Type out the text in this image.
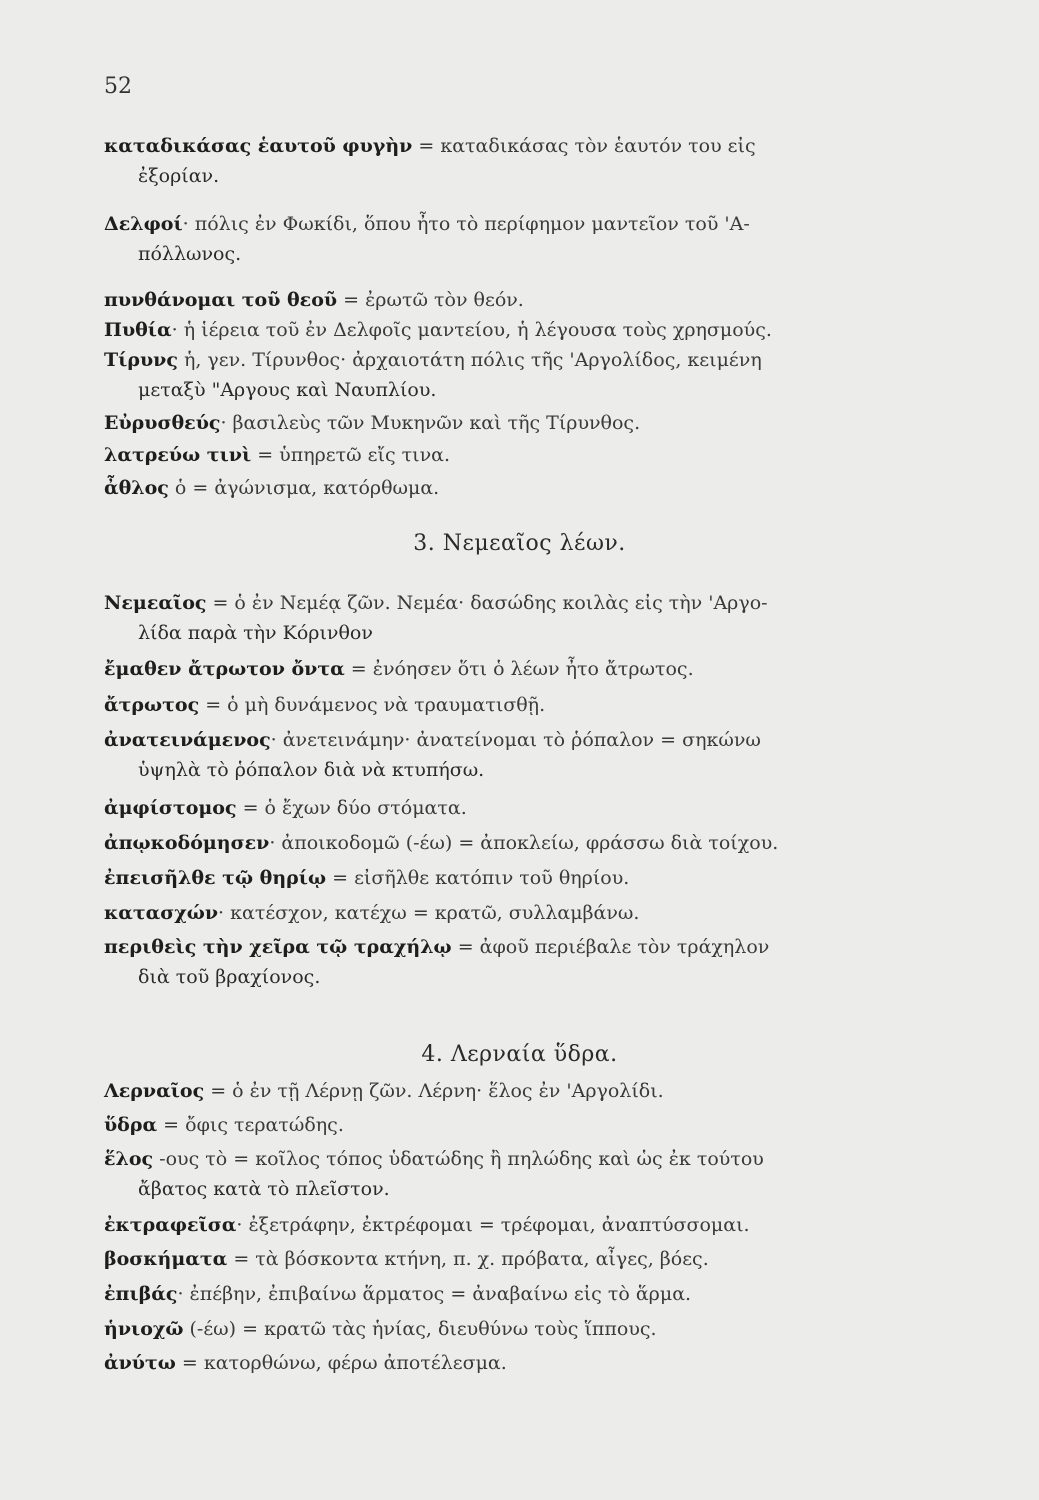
52
καταδικάσας ἑαυτοῦ φυγὴν = καταδικάσας τὸν ἑαυτόν του εἰς
ἐξορίαν.
Δελφοί· πόλις ἐν Φωκίδι, ὅπου ἦτο τὸ περίφημον μαντεῖον τοῦ 'Α-
πόλλωνος.
πυνθάνομαι τοῦ θεοῦ = ἐρωτῶ τὸν θεόν.
Πυθία· ἡ ἱέρεια τοῦ ἐν Δελφοῖς μαντείου, ἡ λέγουσα τοὺς χρησμούς.
Τίρυνς ἡ, γεν. Τίρυνθος· ἀρχαιοτάτη πόλις τῆς 'Αργολίδος, κειμένη
μεταξὺ "Αργους καὶ Ναυπλίου.
Εὐρυσθεύς· βασιλεὺς τῶν Μυκηνῶν καὶ τῆς Τίρυνθος.
λατρεύω τινὶ = ὑπηρετῶ εἴς τινα.
ἆθλος ὁ = ἀγώνισμα, κατόρθωμα.
3. Νεμεαῖος λέων.
Νεμεαῖος = ὁ ἐν Νεμέᾳ ζῶν. Νεμέα· δασώδης κοιλὰς εἰς τὴν 'Αργο-
λίδα παρὰ τὴν Κόρινθον
ἔμαθεν ἄτρωτον ὄντα = ἐνόησεν ὅτι ὁ λέων ἦτο ἄτρωτος.
ἄτρωτος = ὁ μὴ δυνάμενος νὰ τραυματισθῇ.
ἀνατεινάμενος· ἀνετεινάμην· ἀνατείνομαι τὸ ῥόπαλον = σηκώνω
ὑψηλὰ τὸ ῥόπαλον διὰ νὰ κτυπήσω.
ἀμφίστομος = ὁ ἔχων δύο στόματα.
ἀπῳκοδόμησεν· ἀποικοδομῶ (-έω) = ἀποκλείω, φράσσω διὰ τοίχου.
ἐπεισῆλθε τῷ θηρίῳ = εἰσῆλθε κατόπιν τοῦ θηρίου.
κατασχών· κατέσχον, κατέχω = κρατῶ, συλλαμβάνω.
περιθεὶς τὴν χεῖρα τῷ τραχήλῳ = ἀφοῦ περιέβαλε τὸν τράχηλον
διὰ τοῦ βραχίονος.
4. Λερναία ὕδρα.
Λερναῖος = ὁ ἐν τῇ Λέρνῃ ζῶν. Λέρνη· ἕλος ἐν 'Αργολίδι.
ὕδρα = ὄφις τερατώδης.
ἕλος -ους τὸ = κοῖλος τόπος ὑδατώδης ἢ πηλώδης καὶ ὡς ἐκ τούτου
ἄβατος κατὰ τὸ πλεῖστον.
ἐκτραφεῖσα· ἐξετράφην, ἐκτρέφομαι = τρέφομαι, ἀναπτύσσομαι.
βοσκήματα = τὰ βόσκοντα κτήνη, π. χ. πρόβατα, αἶγες, βόες.
ἐπιβάς· ἐπέβην, ἐπιβαίνω ἅρματος = ἀναβαίνω εἰς τὸ ἅρμα.
ἡνιοχῶ (-έω) = κρατῶ τὰς ἡνίας, διευθύνω τοὺς ἵππους.
ἀνύτω = κατορθώνω, φέρω ἀποτέλεσμα.
